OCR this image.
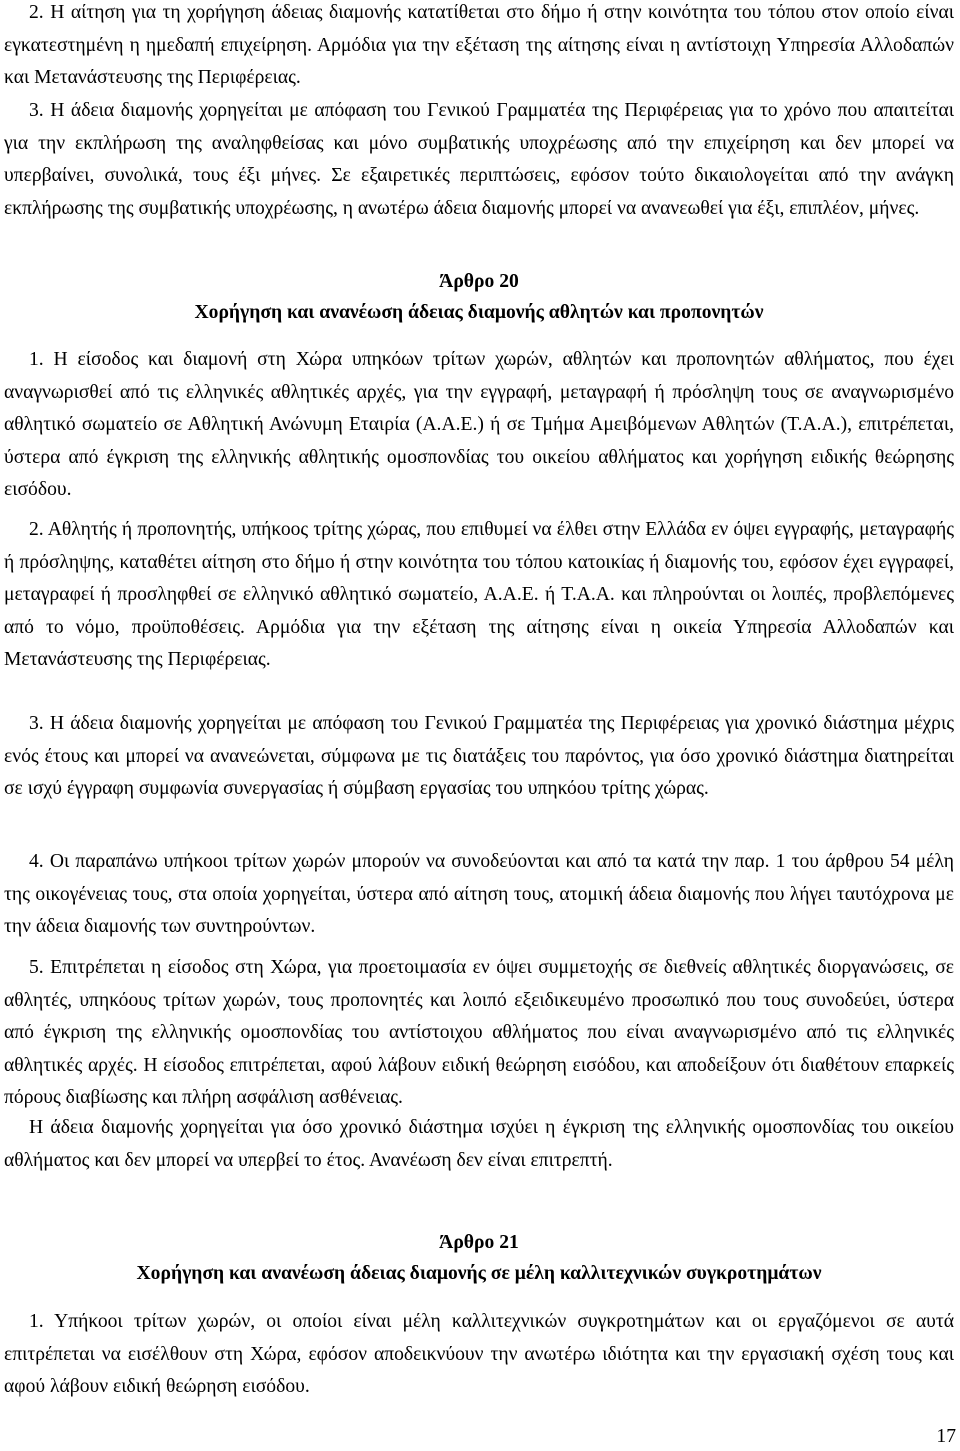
2. Η αίτηση για τη χορήγηση άδειας διαμονής κατατίθεται στο δήμο ή στην κοινότητα του τόπου στον οποίο είναι εγκατεστημένη η ημεδαπή επιχείρηση. Αρμόδια για την εξέταση της αίτησης είναι η αντίστοιχη Υπηρεσία Αλλοδαπών και Μετανάστευσης της Περιφέρειας.

3. Η άδεια διαμονής χορηγείται με απόφαση του Γενικού Γραμματέα της Περιφέρειας για το χρόνο που απαιτείται για την εκπλήρωση της αναληφθείσας και μόνο συμβατικής υποχρέωσης από την επιχείρηση και δεν μπορεί να υπερβαίνει, συνολικά, τους έξι μήνες. Σε εξαιρετικές περιπτώσεις, εφόσον τούτο δικαιολογείται από την ανάγκη εκπλήρωσης της συμβατικής υποχρέωσης, η ανωτέρω άδεια διαμονής μπορεί να ανανεωθεί για έξι, επιπλέον, μήνες.

Άρθρο 20
Χορήγηση και ανανέωση άδειας διαμονής αθλητών και προπονητών

1. Η είσοδος και διαμονή στη Χώρα υπηκόων τρίτων χωρών, αθλητών και προπονητών αθλήματος, που έχει αναγνωρισθεί από τις ελληνικές αθλητικές αρχές, για την εγγραφή, μεταγραφή ή πρόσληψη τους σε αναγνωρισμένο αθλητικό σωματείο σε Αθλητική Ανώνυμη Εταιρία (Α.Α.Ε.) ή σε Τμήμα Αμειβόμενων Αθλητών (Τ.Α.Α.), επιτρέπεται, ύστερα από έγκριση της ελληνικής αθλητικής ομοσπονδίας του οικείου αθλήματος και χορήγηση ειδικής θεώρησης εισόδου.

2. Αθλητής ή προπονητής, υπήκοος τρίτης χώρας, που επιθυμεί να έλθει στην Ελλάδα εν όψει εγγραφής, μεταγραφής ή πρόσληψης, καταθέτει αίτηση στο δήμο ή στην κοινότητα του τόπου κατοικίας ή διαμονής του, εφόσον έχει εγγραφεί, μεταγραφεί ή προσληφθεί σε ελληνικό αθλητικό σωματείο, Α.Α.Ε. ή Τ.Α.Α. και πληρούνται οι λοιπές, προβλεπόμενες από το νόμο, προϋποθέσεις. Αρμόδια για την εξέταση της αίτησης είναι η οικεία Υπηρεσία Αλλοδαπών και Μετανάστευσης της Περιφέρειας.

3. Η άδεια διαμονής χορηγείται με απόφαση του Γενικού Γραμματέα της Περιφέρειας για χρονικό διάστημα μέχρις ενός έτους και μπορεί να ανανεώνεται, σύμφωνα με τις διατάξεις του παρόντος, για όσο χρονικό διάστημα διατηρείται σε ισχύ έγγραφη συμφωνία συνεργασίας ή σύμβαση εργασίας του υπηκόου τρίτης χώρας.

4. Οι παραπάνω υπήκοοι τρίτων χωρών μπορούν να συνοδεύονται και από τα κατά την παρ. 1 του άρθρου 54 μέλη της οικογένειας τους, στα οποία χορηγείται, ύστερα από αίτηση τους, ατομική άδεια διαμονής που λήγει ταυτόχρονα με την άδεια διαμονής των συντηρούντων.

5. Επιτρέπεται η είσοδος στη Χώρα, για προετοιμασία εν όψει συμμετοχής σε διεθνείς αθλητικές διοργανώσεις, σε αθλητές, υπηκόους τρίτων χωρών, τους προπονητές και λοιπό εξειδικευμένο προσωπικό που τους συνοδεύει, ύστερα από έγκριση της ελληνικής ομοσπονδίας του αντίστοιχου αθλήματος που είναι αναγνωρισμένο από τις ελληνικές αθλητικές αρχές. Η είσοδος επιτρέπεται, αφού λάβουν ειδική θεώρηση εισόδου, και αποδείξουν ότι διαθέτουν επαρκείς πόρους διαβίωσης και πλήρη ασφάλιση ασθένειας.

Η άδεια διαμονής χορηγείται για όσο χρονικό διάστημα ισχύει η έγκριση της ελληνικής ομοσπονδίας του οικείου αθλήματος και δεν μπορεί να υπερβεί το έτος. Ανανέωση δεν είναι επιτρεπτή.

Άρθρο 21
Χορήγηση και ανανέωση άδειας διαμονής σε μέλη καλλιτεχνικών συγκροτημάτων

1. Υπήκοοι τρίτων χωρών, οι οποίοι είναι μέλη καλλιτεχνικών συγκροτημάτων και οι εργαζόμενοι σε αυτά επιτρέπεται να εισέλθουν στη Χώρα, εφόσον αποδεικνύουν την ανωτέρω ιδιότητα και την εργασιακή σχέση τους και αφού λάβουν ειδική θεώρηση εισόδου.

17
